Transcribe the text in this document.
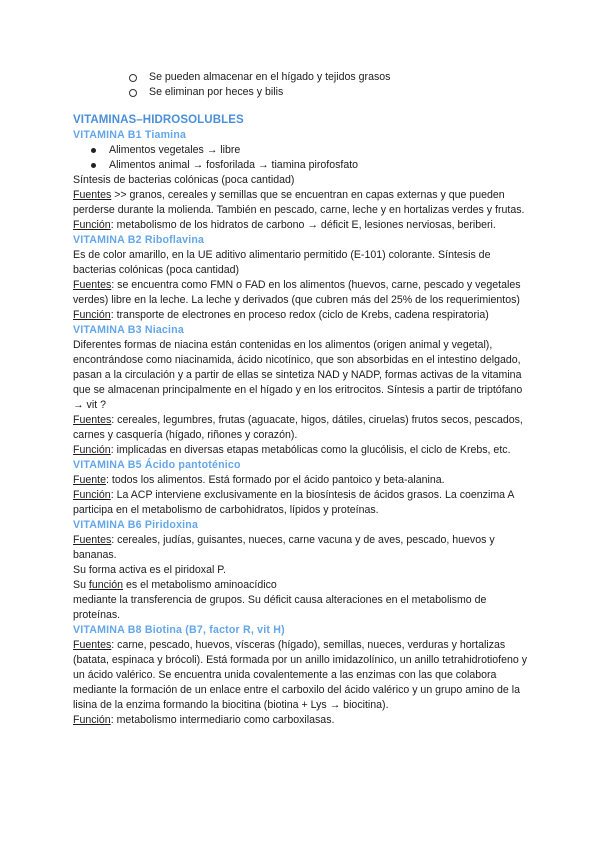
Se pueden almacenar en el hígado y tejidos grasos
Se eliminan por heces y bilis
VITAMINAS–HIDROSOLUBLES
VITAMINA B1 Tiamina
Alimentos vegetales → libre
Alimentos animal → fosforilada → tiamina pirofosfato

Síntesis de bacterias colónicas (poca cantidad)

Fuentes >> granos, cereales y semillas que se encuentran en capas externas y que pueden perderse durante la molienda. También en pescado, carne, leche y en hortalizas verdes y frutas.

Función: metabolismo de los hidratos de carbono → déficit E, lesiones nerviosas, beriberi.

VITAMINA B2 Riboflavina

Es de color amarillo, en la UE aditivo alimentario permitido (E-101) colorante. Síntesis de bacterias colónicas (poca cantidad)

Fuentes: se encuentra como FMN o FAD en los alimentos (huevos, carne, pescado y vegetales verdes) libre en la leche. La leche y derivados (que cubren más del 25% de los requerimientos)

Función: transporte de electrones en proceso redox (ciclo de Krebs, cadena respiratoria)

VITAMINA B3 Niacina

Diferentes formas de niacina están contenidas en los alimentos (origen animal y vegetal), encontrándose como niacinamida, ácido nicotínico, que son absorbidas en el intestino delgado, pasan a la circulación y a partir de ellas se sintetiza NAD y NADP, formas activas de la vitamina que se almacenan principalmente en el hígado y en los eritrocitos. Síntesis a partir de triptófano → vit ?

Fuentes: cereales, legumbres, frutas (aguacate, higos, dátiles, ciruelas) frutos secos, pescados, carnes y casquería (hígado, riñones y corazón).

Función: implicadas en diversas etapas metabólicas como la glucólisis, el ciclo de Krebs, etc.

VITAMINA B5 Ácido pantoténico

Fuente: todos los alimentos. Está formado por el ácido pantoico y beta-alanina.

Función: La ACP interviene exclusivamente en la biosíntesis de ácidos grasos. La coenzima A participa en el metabolismo de carbohidratos, lípidos y proteínas.

VITAMINA B6 Piridoxina

Fuentes: cereales, judías, guisantes, nueces, carne vacuna y de aves, pescado, huevos y bananas.

Su forma activa es el piridoxal P.

Su función es el metabolismo aminoacídico

mediante la transferencia de grupos. Su déficit causa alteraciones en el metabolismo de proteínas.

VITAMINA B8 Biotina (B7, factor R, vit H)

Fuentes: carne, pescado, huevos, vísceras (hígado), semillas, nueces, verduras y hortalizas (batata, espinaca y brócoli). Está formada por un anillo imidazolínico, un anillo tetrahidrotiofeno y un ácido valérico. Se encuentra unida covalentemente a las enzimas con las que colabora mediante la formación de un enlace entre el carboxilo del ácido valérico y un grupo amino de la lisina de la enzima formando la biocitina (biotina + Lys → biocitina).

Función: metabolismo intermediario como carboxilasas.
